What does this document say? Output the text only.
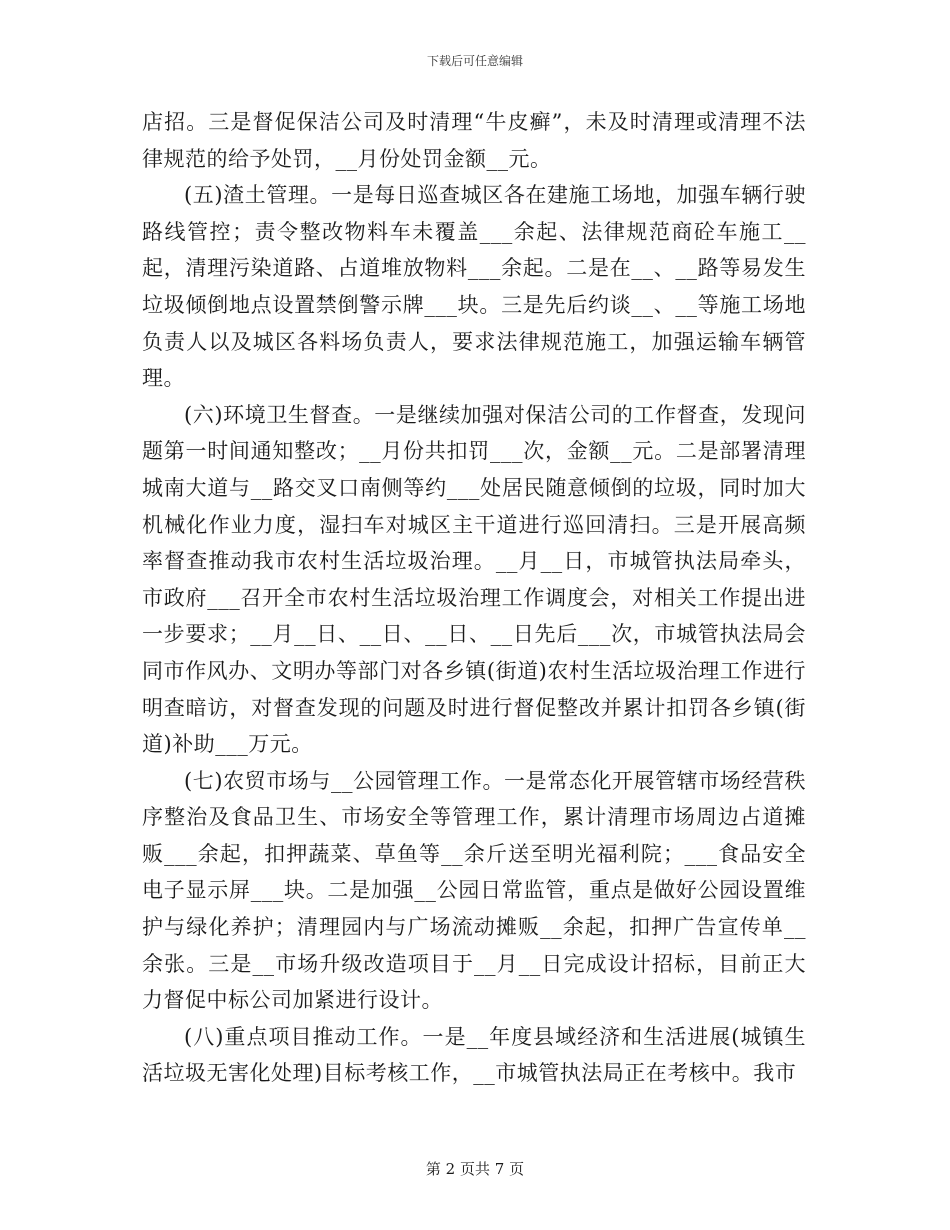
下载后可任意编辑

店招。三是督促保洁公司及时清理“牛皮癣”，未及时清理或清理不法律规范的给予处罚，__月份处罚金额__元。

(五)渣土管理。一是每日巡查城区各在建施工场地，加强车辆行驶路线管控；责令整改物料车未覆盖___余起、法律规范商砼车施工__起，清理污染道路、占道堆放物料___余起。二是在__、__路等易发生垃圾倾倒地点设置禁倒警示牌___块。三是先后约谈__、__等施工场地负责人以及城区各料场负责人，要求法律规范施工，加强运输车辆管理。

(六)环境卫生督查。一是继续加强对保洁公司的工作督查，发现问题第一时间通知整改；__月份共扣罚___次，金额__元。二是部署清理城南大道与__路交叉口南侧等约___处居民随意倾倒的垃圾，同时加大机械化作业力度，湿扫车对城区主干道进行巡回清扫。三是开展高频率督查推动我市农村生活垃圾治理。__月__日，市城管执法局牵头，市政府___召开全市农村生活垃圾治理工作调度会，对相关工作提出进一步要求；__月__日、__日、__日、__日先后___次，市城管执法局会同市作风办、文明办等部门对各乡镇(街道)农村生活垃圾治理工作进行明查暗访，对督查发现的问题及时进行督促整改并累计扣罚各乡镇(街道)补助___万元。

(七)农贸市场与__公园管理工作。一是常态化开展管辖市场经营秩序整治及食品卫生、市场安全等管理工作，累计清理市场周边占道摊贩___余起，扣押蔬菜、草鱼等__余斤送至明光福利院；___食品安全电子显示屏___块。二是加强__公园日常监管，重点是做好公园设置维护与绿化养护；清理园内与广场流动摊贩__余起，扣押广告宣传单__余张。三是__市场升级改造项目于__月__日完成设计招标，目前正大力督促中标公司加紧进行设计。

(八)重点项目推动工作。一是__年度县域经济和生活进展(城镇生活垃圾无害化处理)目标考核工作，__市城管执法局正在考核中。我市

第 2 页共 7 页
